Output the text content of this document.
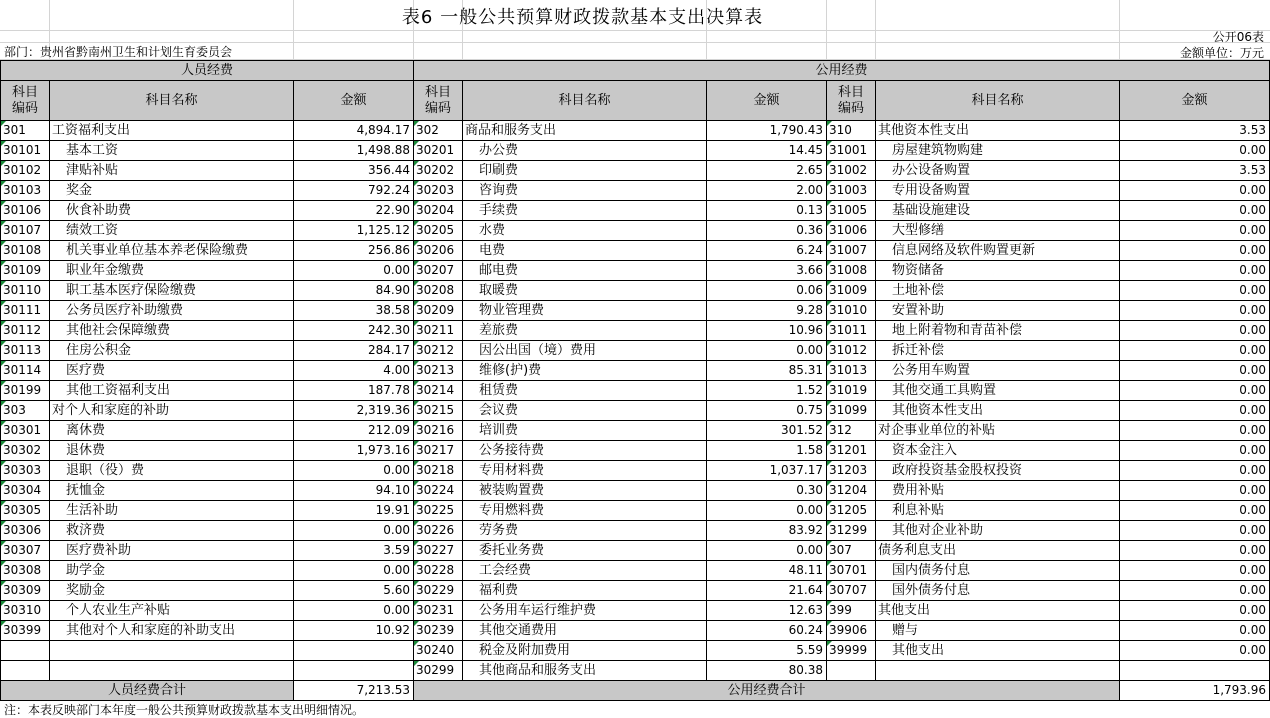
表6 一般公共预算财政拨款基本支出决算表
公开06表
部门：贵州省黔南州卫生和计划生育委员会	金额单位：万元
人员经费			公用经费					
科目
编码	科目名称	金额	科目
编码	科目名称	金额	科目
编码	科目名称	金额
301	工资福利支出	4,894.17	302	商品和服务支出	1,790.43	310	其他资本性支出	3.53
30101	基本工资	1,498.88	30201	办公费	14.45	31001	房屋建筑物购建	0.00
30102	津贴补贴	356.44	30202	印刷费	2.65	31002	办公设备购置	3.53
30103	奖金	792.24	30203	咨询费	2.00	31003	专用设备购置	0.00
30106	伙食补助费	22.90	30204	手续费	0.13	31005	基础设施建设	0.00
30107	绩效工资	1,125.12	30205	水费	0.36	31006	大型修缮	0.00
30108	机关事业单位基本养老保险缴费	256.86	30206	电费	6.24	31007	信息网络及软件购置更新	0.00
30109	职业年金缴费	0.00	30207	邮电费	3.66	31008	物资储备	0.00
30110	职工基本医疗保险缴费	84.90	30208	取暖费	0.06	31009	土地补偿	0.00
30111	公务员医疗补助缴费	38.58	30209	物业管理费	9.28	31010	安置补助	0.00
30112	其他社会保障缴费	242.30	30211	差旅费	10.96	31011	地上附着物和青苗补偿	0.00
30113	住房公积金	284.17	30212	因公出国（境）费用	0.00	31012	拆迁补偿	0.00
30114	医疗费	4.00	30213	维修(护)费	85.31	31013	公务用车购置	0.00
30199	其他工资福利支出	187.78	30214	租赁费	1.52	31019	其他交通工具购置	0.00
303	对个人和家庭的补助	2,319.36	30215	会议费	0.75	31099	其他资本性支出	0.00
30301	离休费	212.09	30216	培训费	301.52	312	对企事业单位的补贴	0.00
30302	退休费	1,973.16	30217	公务接待费	1.58	31201	资本金注入	0.00
30303	退职（役）费	0.00	30218	专用材料费	1,037.17	31203	政府投资基金股权投资	0.00
30304	抚恤金	94.10	30224	被装购置费	0.30	31204	费用补贴	0.00
30305	生活补助	19.91	30225	专用燃料费	0.00	31205	利息补贴	0.00
30306	救济费	0.00	30226	劳务费	83.92	31299	其他对企业补助	0.00
30307	医疗费补助	3.59	30227	委托业务费	0.00	307	债务利息支出	0.00
30308	助学金	0.00	30228	工会经费	48.11	30701	国内债务付息	0.00
30309	奖励金	5.60	30229	福利费	21.64	30707	国外债务付息	0.00
30310	个人农业生产补贴	0.00	30231	公务用车运行维护费	12.63	399	其他支出	0.00
30399	其他对个人和家庭的补助支出	10.92	30239	其他交通费用	60.24	39906	赠与	0.00
			30240	税金及附加费用	5.59	39999	其他支出	0.00
			30299	其他商品和服务支出	80.38			
人员经费合计		7,213.53	公用经费合计					1,793.96
注：本表反映部门本年度一般公共预算财政拨款基本支出明细情况。
